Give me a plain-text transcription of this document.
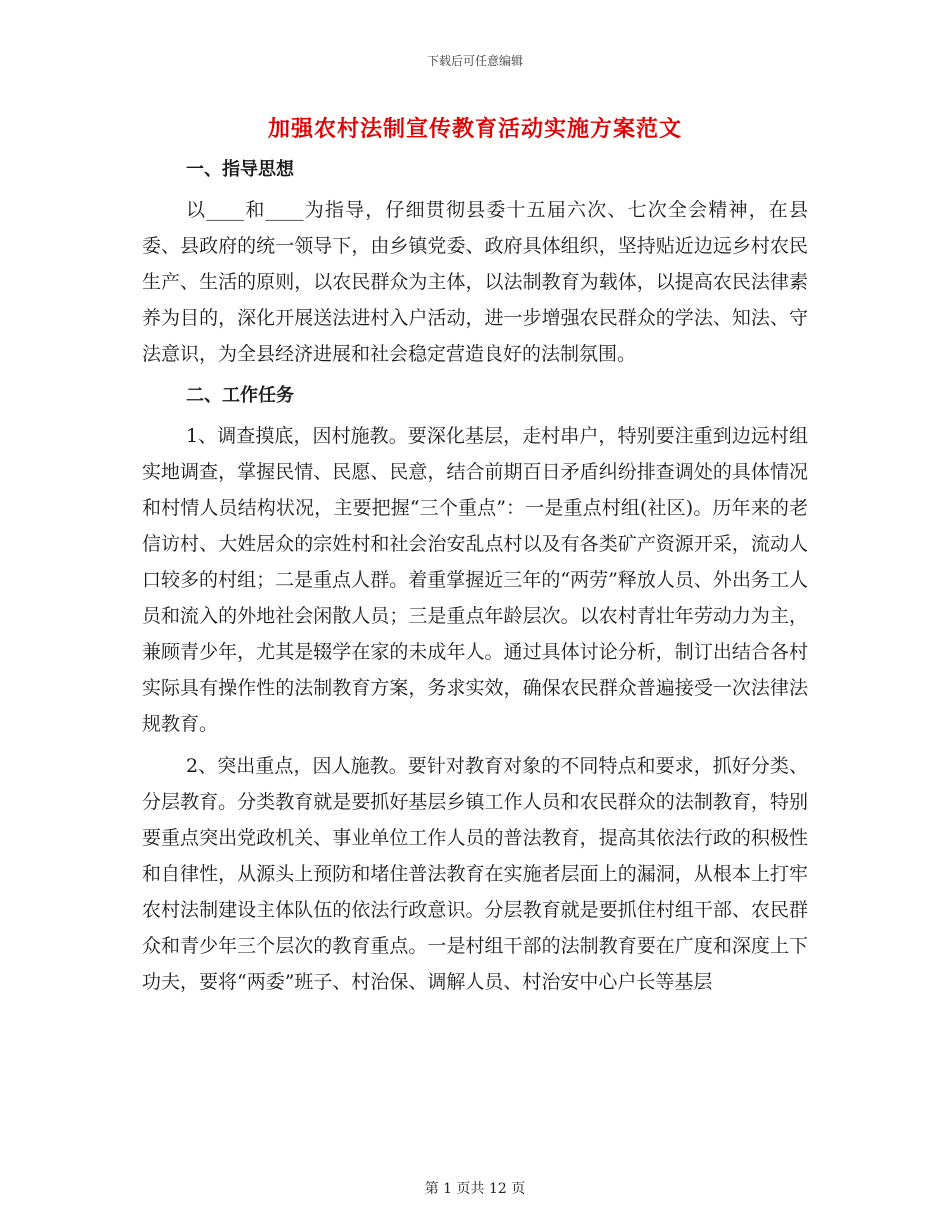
下载后可任意编辑
加强农村法制宣传教育活动实施方案范文
一、指导思想

以____和____为指导，仔细贯彻县委十五届六次、七次全会精神，在县委、县政府的统一领导下，由乡镇党委、政府具体组织，坚持贴近边远乡村农民生产、生活的原则，以农民群众为主体，以法制教育为载体，以提高农民法律素养为目的，深化开展送法进村入户活动，进一步增强农民群众的学法、知法、守法意识，为全县经济进展和社会稳定营造良好的法制氛围。

二、工作任务

1、调查摸底，因村施教。要深化基层，走村串户，特别要注重到边远村组实地调查，掌握民情、民愿、民意，结合前期百日矛盾纠纷排查调处的具体情况和村情人员结构状况，主要把握“三个重点”：一是重点村组(社区)。历年来的老信访村、大姓居众的宗姓村和社会治安乱点村以及有各类矿产资源开采，流动人口较多的村组；二是重点人群。着重掌握近三年的“两劳”释放人员、外出务工人员和流入的外地社会闲散人员；三是重点年龄层次。以农村青壮年劳动力为主，兼顾青少年，尤其是辍学在家的未成年人。通过具体讨论分析，制订出结合各村实际具有操作性的法制教育方案，务求实效，确保农民群众普遍接受一次法律法规教育。

2、突出重点，因人施教。要针对教育对象的不同特点和要求，抓好分类、分层教育。分类教育就是要抓好基层乡镇工作人员和农民群众的法制教育，特别要重点突出党政机关、事业单位工作人员的普法教育，提高其依法行政的积极性和自律性，从源头上预防和堵住普法教育在实施者层面上的漏洞，从根本上打牢农村法制建设主体队伍的依法行政意识。分层教育就是要抓住村组干部、农民群众和青少年三个层次的教育重点。一是村组干部的法制教育要在广度和深度上下功夫，要将“两委”班子、村治保、调解人员、村治安中心户长等基层

第 1 页共 12 页
